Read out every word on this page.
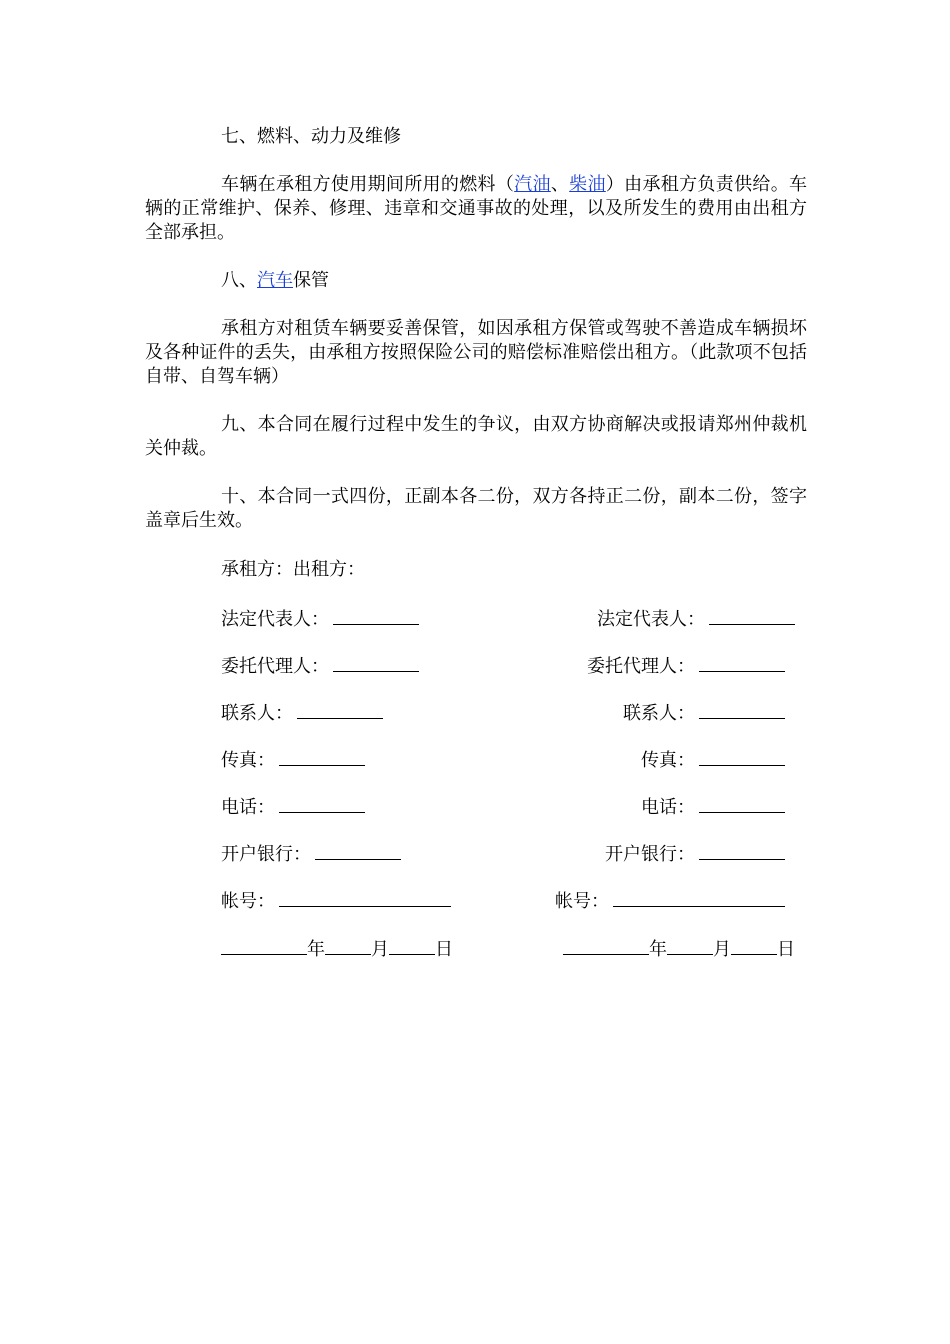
七、燃料、动力及维修
车辆在承租方使用期间所用的燃料（汽油、柴油）由承租方负责供给。车辆的正常维护、保养、修理、违章和交通事故的处理，以及所发生的费用由出租方全部承担。
八、汽车保管
承租方对租赁车辆要妥善保管，如因承租方保管或驾驶不善造成车辆损坏及各种证件的丢失，由承租方按照保险公司的赔偿标准赔偿出租方。（此款项不包括自带、自驾车辆）
九、本合同在履行过程中发生的争议，由双方协商解决或报请郑州仲裁机关仲裁。
十、本合同一式四份，正副本各二份，双方各持正二份，副本二份，签字盖章后生效。
承租方：出租方：
法定代表人：	法定代表人：
委托代理人：	委托代理人：
联系人：	联系人：
传真：	传真：
电话：	电话：
开户银行：	开户银行：
帐号：	帐号：
年	月	日	年	月	日
